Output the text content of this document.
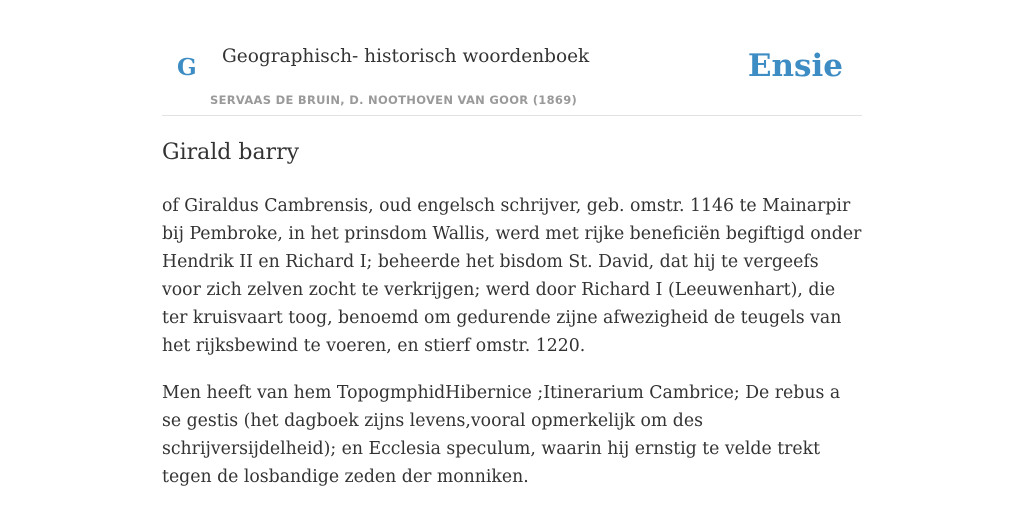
G Geographisch- historisch woordenboek
SERVAAS DE BRUIN, D. NOOTHOVEN VAN GOOR (1869)
Ensie
Girald barry

of Giraldus Cambrensis, oud engelsch schrijver, geb. omstr. 1146 te Mainarpir bij Pembroke, in het prinsdom Wallis, werd met rijke beneficiën begiftigd onder Hendrik II en Richard I; beheerde het bisdom St. David, dat hij te vergeefs voor zich zelven zocht te verkrijgen; werd door Richard I (Leeuwenhart), die ter kruisvaart toog, benoemd om gedurende zijne afwezigheid de teugels van het rijksbewind te voeren, en stierf omstr. 1220.

Men heeft van hem TopogmphidHibernice ;Itinerarium Cambrice; De rebus a se gestis (het dagboek zijns levens,vooral opmerkelijk om des schrijversijdelheid); en Ecclesia speculum, waarin hij ernstig te velde trekt tegen de losbandige zeden der monniken.
